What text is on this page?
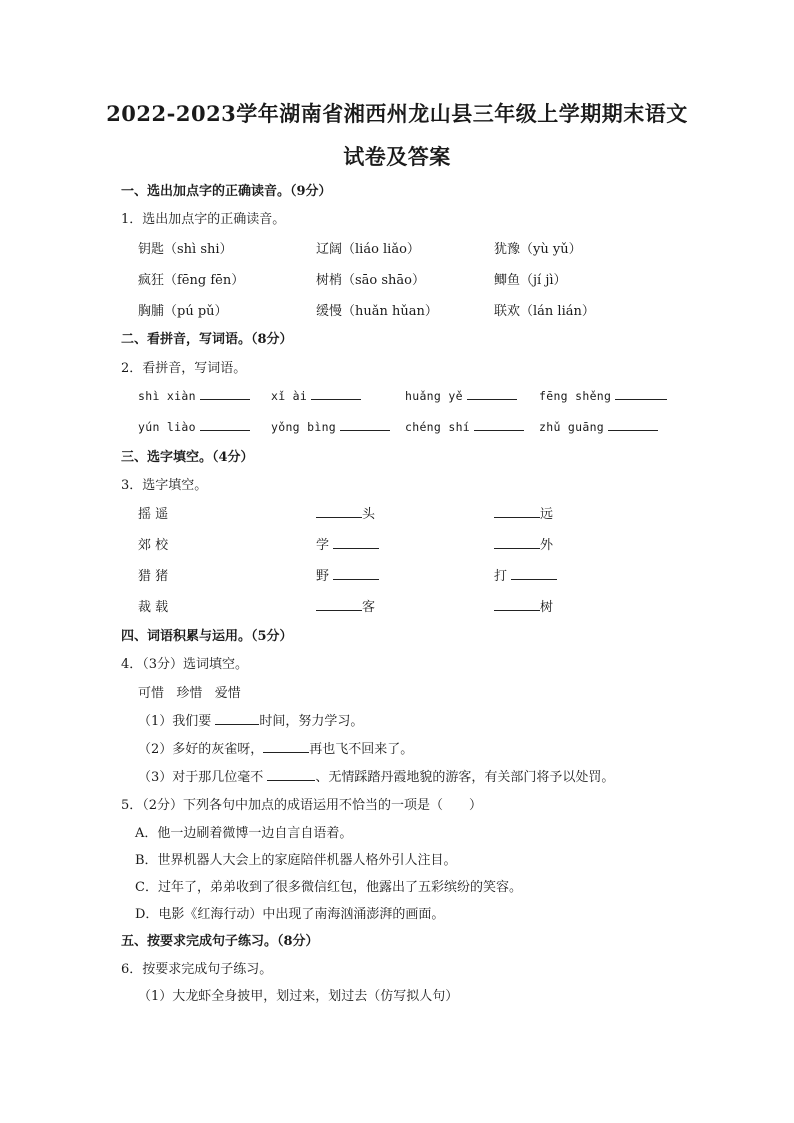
2022-2023学年湖南省湘西州龙山县三年级上学期期末语文
试卷及答案
一、选出加点字的正确读音。（9分）
1．选出加点字的正确读音。
钥匙（shì shi）	辽阔（liáo liǎo）	犹豫（yù yǔ）
疯狂（fēng fēn）	树梢（sāo shāo）	鲫鱼（jí jì）
胸脯（pú pǔ）	缓慢（huǎn hǔan）	联欢（lán lián）
二、看拼音，写词语。（8分）
2．看拼音，写词语。
shì xiàn	xǐ ài	huǎng yě	fēng shěng
yún liào	yǒng bìng	chéng shí	zhǔ guāng
三、选字填空。（4分）
3．选字填空。
摇 遥	头	远
郊 校	学	外
猎 猪	野	打
裁 载	客	树
四、词语积累与运用。（5分）
4．（3分）选词填空。
可惜   珍惜   爱惜
（1）我们要	时间，努力学习。
（2）多好的灰雀呀，	再也飞不回来了。
（3）对于那几位毫不	、无情踩踏丹霞地貌的游客，有关部门将予以处罚。
5．（2分）下列各句中加点的成语运用不恰当的一项是（　　）
A．他一边刷着微博一边自言自语着。
B．世界机器人大会上的家庭陪伴机器人格外引人注目。
C．过年了，弟弟收到了很多微信红包，他露出了五彩缤纷的笑容。
D．电影《红海行动）中出现了南海汹涌澎湃的画面。
五、按要求完成句子练习。（8分）
6．按要求完成句子练习。
（1）大龙虾全身披甲，划过来，划过去（仿写拟人句）
